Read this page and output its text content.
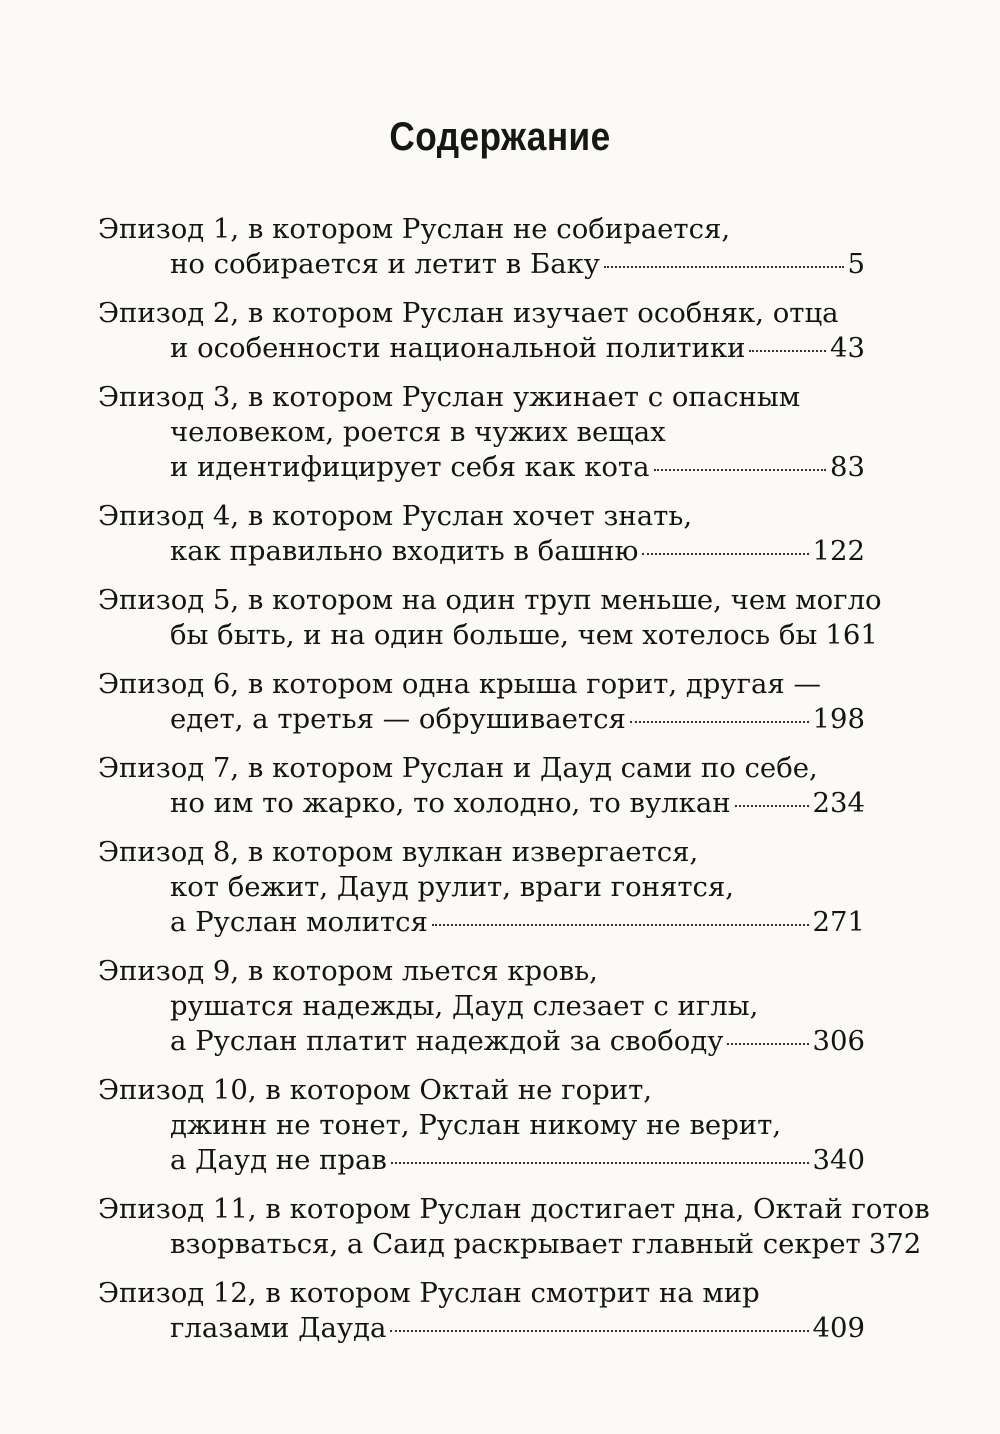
Содержание
Эпизод 1, в котором Руслан не собирается,
но собирается и летит в Баку	5
Эпизод 2, в котором Руслан изучает особняк, отца
и особенности национальной политики	43
Эпизод 3, в котором Руслан ужинает с опасным
человеком, роется в чужих вещах
и идентифицирует себя как кота	83
Эпизод 4, в котором Руслан хочет знать,
как правильно входить в башню	122
Эпизод 5, в котором на один труп меньше, чем могло
бы быть, и на один больше, чем хотелось бы 161
Эпизод 6, в котором одна крыша горит, другая —
едет, а третья — обрушивается	198
Эпизод 7, в котором Руслан и Дауд сами по себе,
но им то жарко, то холодно, то вулкан	234
Эпизод 8, в котором вулкан извергается,
кот бежит, Дауд рулит, враги гонятся,
а Руслан молится	271
Эпизод 9, в котором льется кровь,
рушатся надежды, Дауд слезает с иглы,
а Руслан платит надеждой за свободу	306
Эпизод 10, в котором Октай не горит,
джинн не тонет, Руслан никому не верит,
а Дауд не прав	340
Эпизод 11, в котором Руслан достигает дна, Октай готов
взорваться, а Саид раскрывает главный секрет 372
Эпизод 12, в котором Руслан смотрит на мир
глазами Дауда	409
